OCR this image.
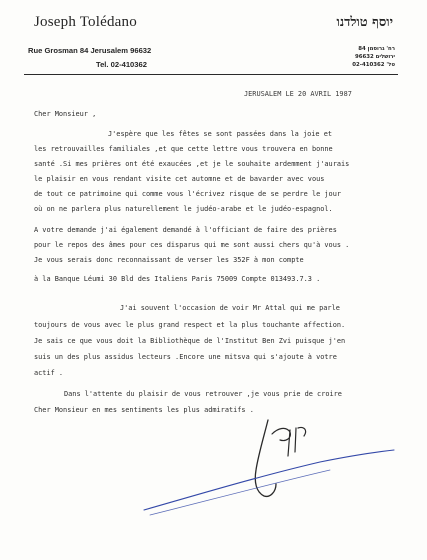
Joseph Tolédano
Rue Grosman 84 Jerusalem 96632
Tel. 02-410362
יוסף טולדנו
רח' גרוסמן 84
ירושלים 96632
טל' 02-410362
JERUSALEM LE 20 AVRIL 1987
Cher Monsieur ,
J'espère que les fêtes se sont passées dans la joie et
les retrouvailles familiales ,et que cette lettre vous trouvera en bonne
santé .Si mes prières ont été exaucées ,et je le souhaite ardemment j'aurais
le plaisir en vous rendant visite cet automne et de bavarder avec vous
de tout ce patrimoine qui comme vous l'écrivez risque de se perdre le jour
où on ne parlera plus naturellement le judéo-arabe et le judéo-espagnol.
A votre demande j'ai également demandé à l'officiant de faire des prières
pour le repos des âmes pour ces disparus qui me sont aussi chers qu'à vous .
Je vous serais donc reconnaissant de verser les 352F à mon compte
à la Banque Léumi 30 Bld des Italiens Paris 75009 Compte 013493.7.3 .
J'ai souvent l'occasion de voir Mr Attal qui me parle
toujours de vous avec le plus grand respect et la plus touchante affection.
Je sais ce que vous doit la Bibliothèque de l'Institut Ben Zvi puisque j'en
suis un des plus assidus lecteurs .Encore une mitsva qui s'ajoute à votre
actif .
Dans l'attente du plaisir de vous retrouver ,je vous prie de croire
Cher Monsieur en mes sentiments les plus admiratifs .
